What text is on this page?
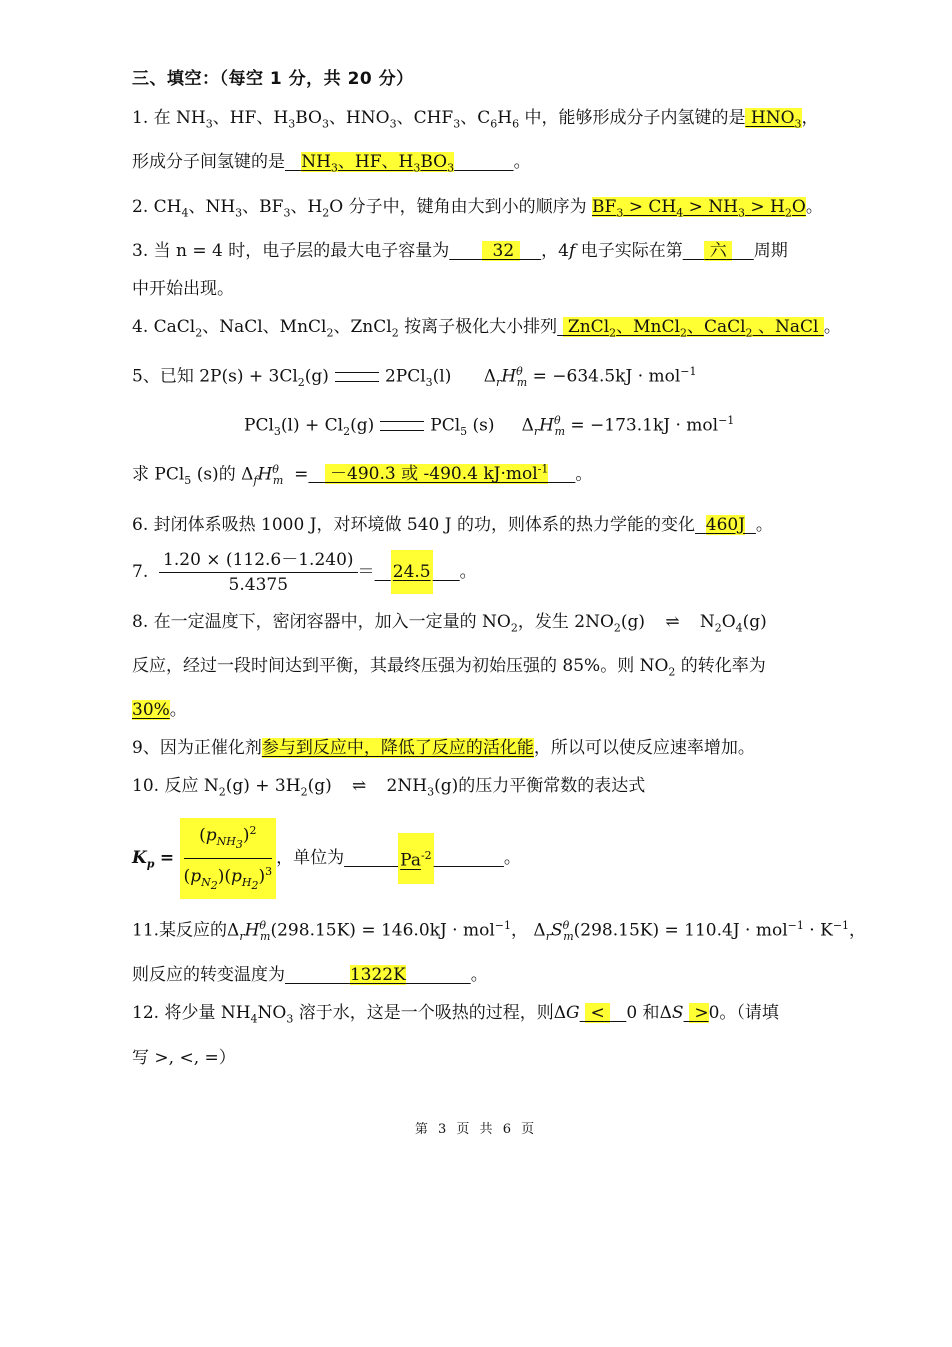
三、填空：（每空 1 分，共 20 分）
1. 在 $NH_3$、HF、$H_3BO_3$、$HNO_3$、$CHF_3$、$C_6H_6$ 中，能够形成分子内氢键的是 $HNO_3$，
形成分子间氢键的是 $NH_3$、HF、$H_3BO_3$	。
2. $CH_4$、$NH_3$、$BF_3$、$H_2O$ 分子中，键角由大到小的顺序为 $BF_3 > CH_4 > NH_3 > H_2O$。
3. 当 n = 4 时，电子层的最大电子容量为	32 ，4f 电子实际在第 六 周期
中开始出现。
4. CaCl$_2$、NaCl、MnCl$_2$、ZnCl$_2$ 按离子极化大小排列 ZnCl$_2$、MnCl$_2$、CaCl$_2$ 、NaCl 。
5、已知 $2P(s) + 3Cl_2(g)$	2PCl$_3$(l)      $\Delta_rH^\theta_m = -634.5kJ \cdot mol^{-1}$
$PCl_3(l) + Cl_2(g)$	PCl$_5$ (s)     $\Delta_rH^\theta_m = -173.1kJ \cdot mol^{-1}$
求 PCl$_5$ (s)的 $\Delta_fH^\theta_m = -490.3$ 或 -490.4 kJ·mol$^{-1}$ 。
6. 封闭体系吸热 1000 J，对环境做 540 J 的功，则体系的热力学能的变化 460J 。
7. $\frac{1.20 \times (112.6-1.240)}{5.4375} = 24.5$ 。
8. 在一定温度下，密闭容器中，加入一定量的 $NO_2$，发生 $2NO_2(g)$ ⇌ $N_2O_4(g)$
反应，经过一段时间达到平衡，其最终压强为初始压强的 85%。则 $NO_2$ 的转化率为
30%。
9、因为正催化剂参与到反应中，降低了反应的活化能，所以可以使反应速率增加。
10. 反应 $N_2(g) + 3H_2(g)$ ⇌ $2NH_3(g)$的压力平衡常数的表达式
$K_p = \frac{(p_{NH_3})^2}{(p_{N_2})(p_{H_2})^3}$ ，单位为	$Pa^{-2}$	。
11.某反应的$\Delta_rH^\theta_m(298.15K) = 146.0kJ \cdot mol^{-1}$， $\Delta_rS^\theta_m(298.15K) = 110.4J \cdot mol^{-1} \cdot K^{-1}$，
则反应的转变温度为	1322K	。
12. 将少量 $NH_4NO_3$ 溶于水，这是一个吸热的过程，则ΔG < 0 和ΔS >0。（请填
写 >, <, =）
第 3 页 共 6 页
